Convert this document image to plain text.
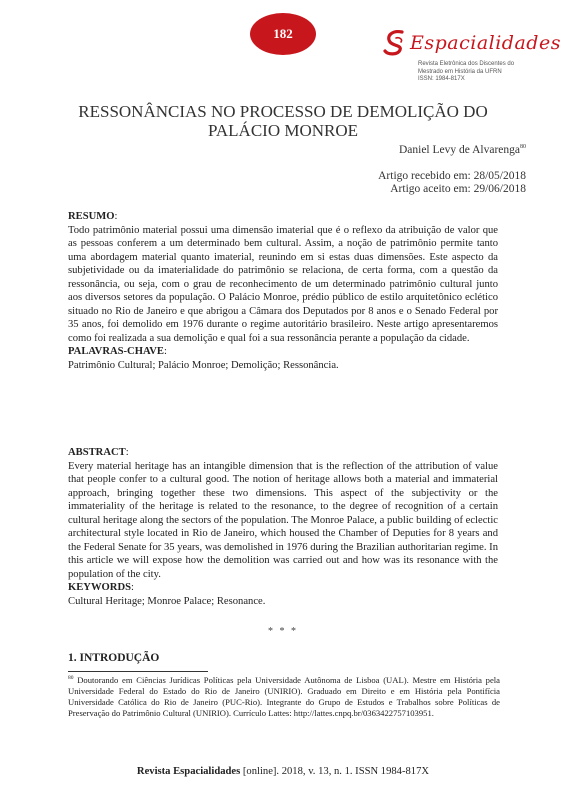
182	Espacialidades
Revista Eletrônica dos Discentes do
Mestrado em História da UFRN
ISSN: 1984-817X
RESSONÂNCIAS NO PROCESSO DE DEMOLIÇÃO DO
PALÁCIO MONROE
Daniel Levy de Alvarenga$^{80}$
Artigo recebido em: 28/05/2018
Artigo aceito em: 29/06/2018
RESUMO:
Todo patrimônio material possui uma dimensão imaterial que é o reflexo da atribuição de valor que as pessoas conferem a um determinado bem cultural. Assim, a noção de patrimônio permite tanto uma abordagem material quanto imaterial, reunindo em si estas duas dimensões. Este aspecto da subjetividade ou da imaterialidade do patrimônio se relaciona, de certa forma, com a questão da ressonância, ou seja, com o grau de reconhecimento de um determinado patrimônio cultural junto aos diversos setores da população. O Palácio Monroe, prédio público de estilo arquitetônico eclético situado no Rio de Janeiro e que abrigou a Câmara dos Deputados por 8 anos e o Senado Federal por 35 anos, foi demolido em 1976 durante o regime autoritário brasileiro. Neste artigo apresentaremos como foi realizada a sua demolição e qual foi a sua ressonância perante a população da cidade.
PALAVRAS-CHAVE:
Patrimônio Cultural; Palácio Monroe; Demolição; Ressonância.
ABSTRACT:
Every material heritage has an intangible dimension that is the reflection of the attribution of value that people confer to a cultural good. The notion of heritage allows both a material and immaterial approach, bringing together these two dimensions. This aspect of the subjectivity or the immateriality of the heritage is related to the resonance, to the degree of recognition of a certain cultural heritage along the sectors of the population. The Monroe Palace, a public building of eclectic architectural style located in Rio de Janeiro, which housed the Chamber of Deputies for 8 years and the Federal Senate for 35 years, was demolished in 1976 during the Brazilian authoritarian regime. In this article we will expose how the demolition was carried out and how was its resonance with the population of the city.
KEYWORDS:
Cultural Heritage; Monroe Palace; Resonance.
* * *
1. INTRODUÇÃO
$^{80}$ Doutorando em Ciências Jurídicas Políticas pela Universidade Autônoma de Lisboa (UAL). Mestre em História pela Universidade Federal do Estado do Rio de Janeiro (UNIRIO). Graduado em Direito e em História pela Pontifícia Universidade Católica do Rio de Janeiro (PUC-Rio). Integrante do Grupo de Estudos e Trabalhos sobre Políticas de Preservação do Patrimônio Cultural (UNIRIO). Currículo Lattes: http://lattes.cnpq.br/0363422757103951.
Revista Espacialidades [online]. 2018, v. 13, n. 1. ISSN 1984-817X
